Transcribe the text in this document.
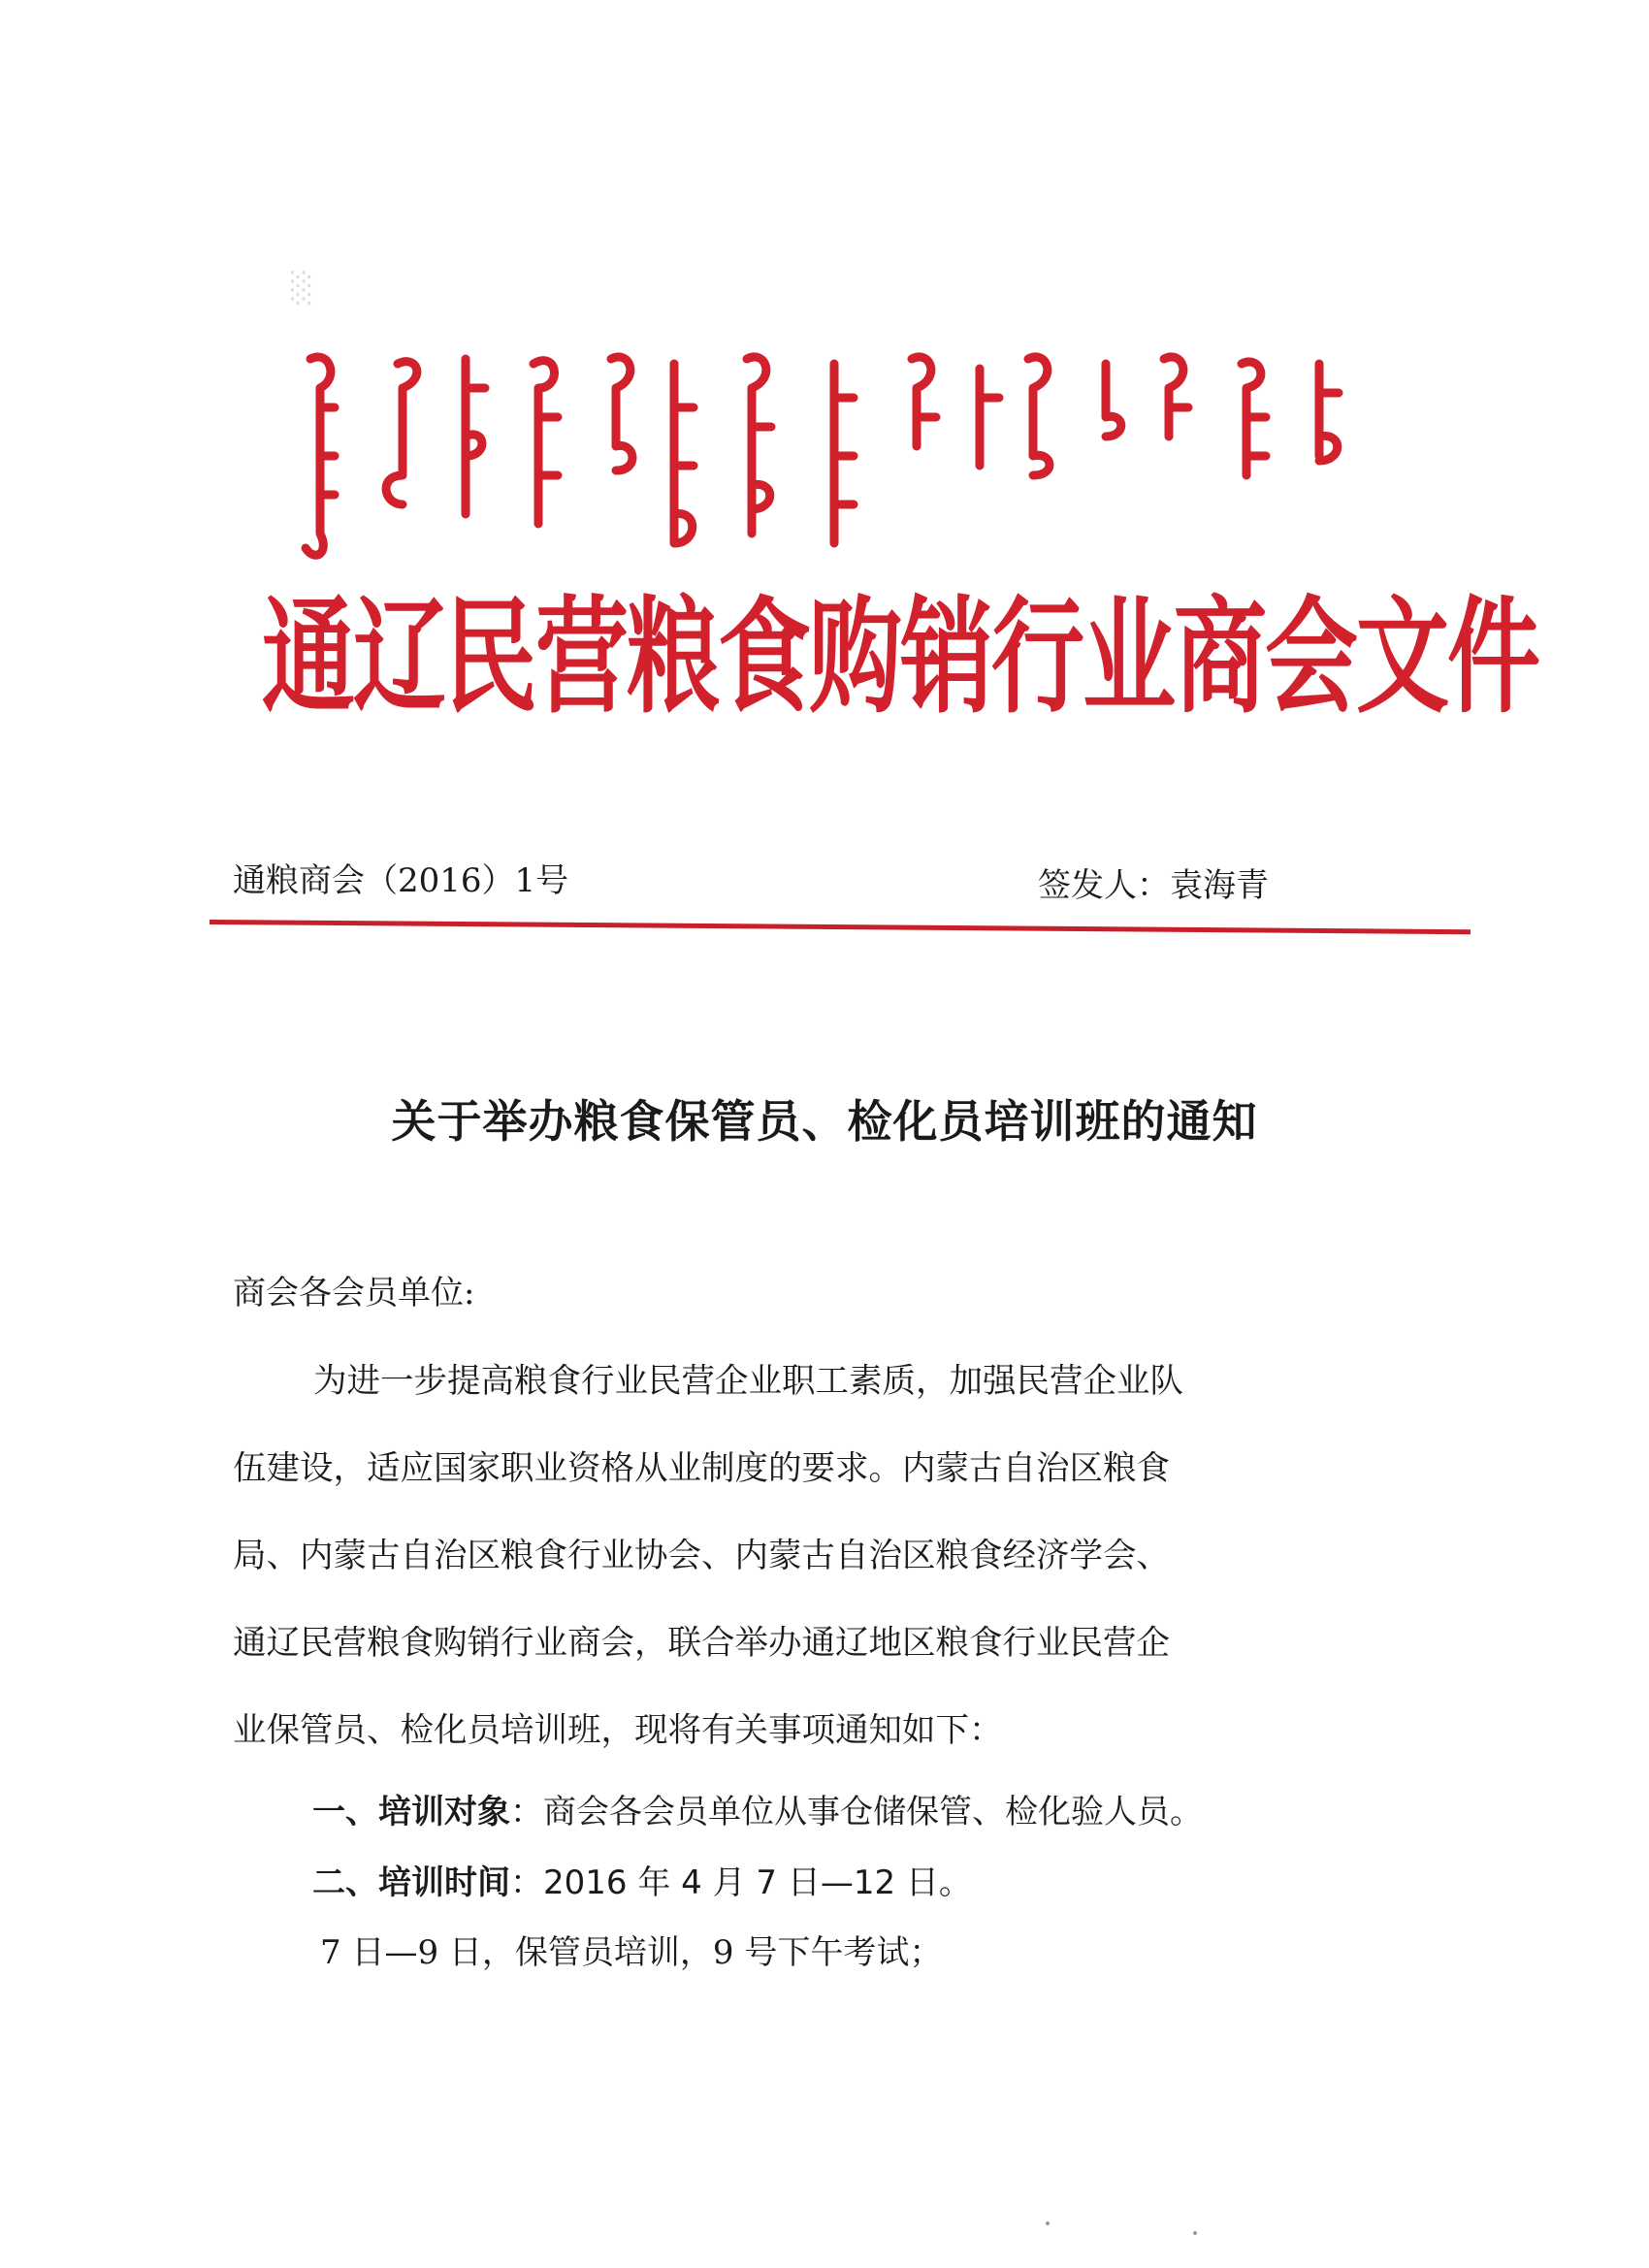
░
通辽民营粮食购销行业商会文件
通粮商会（2016）1号	签发人：袁海青
关于举办粮食保管员、检化员培训班的通知
商会各会员单位:
为进一步提高粮食行业民营企业职工素质，加强民营企业队
伍建设，适应国家职业资格从业制度的要求。内蒙古自治区粮食
局、内蒙古自治区粮食行业协会、内蒙古自治区粮食经济学会、
通辽民营粮食购销行业商会，联合举办通辽地区粮食行业民营企
业保管员、检化员培训班，现将有关事项通知如下：
一、培训对象：商会各会员单位从事仓储保管、检化验人员。
二、培训时间：2016 年 4 月 7 日—12 日。
7 日—9 日，保管员培训，9 号下午考试；
